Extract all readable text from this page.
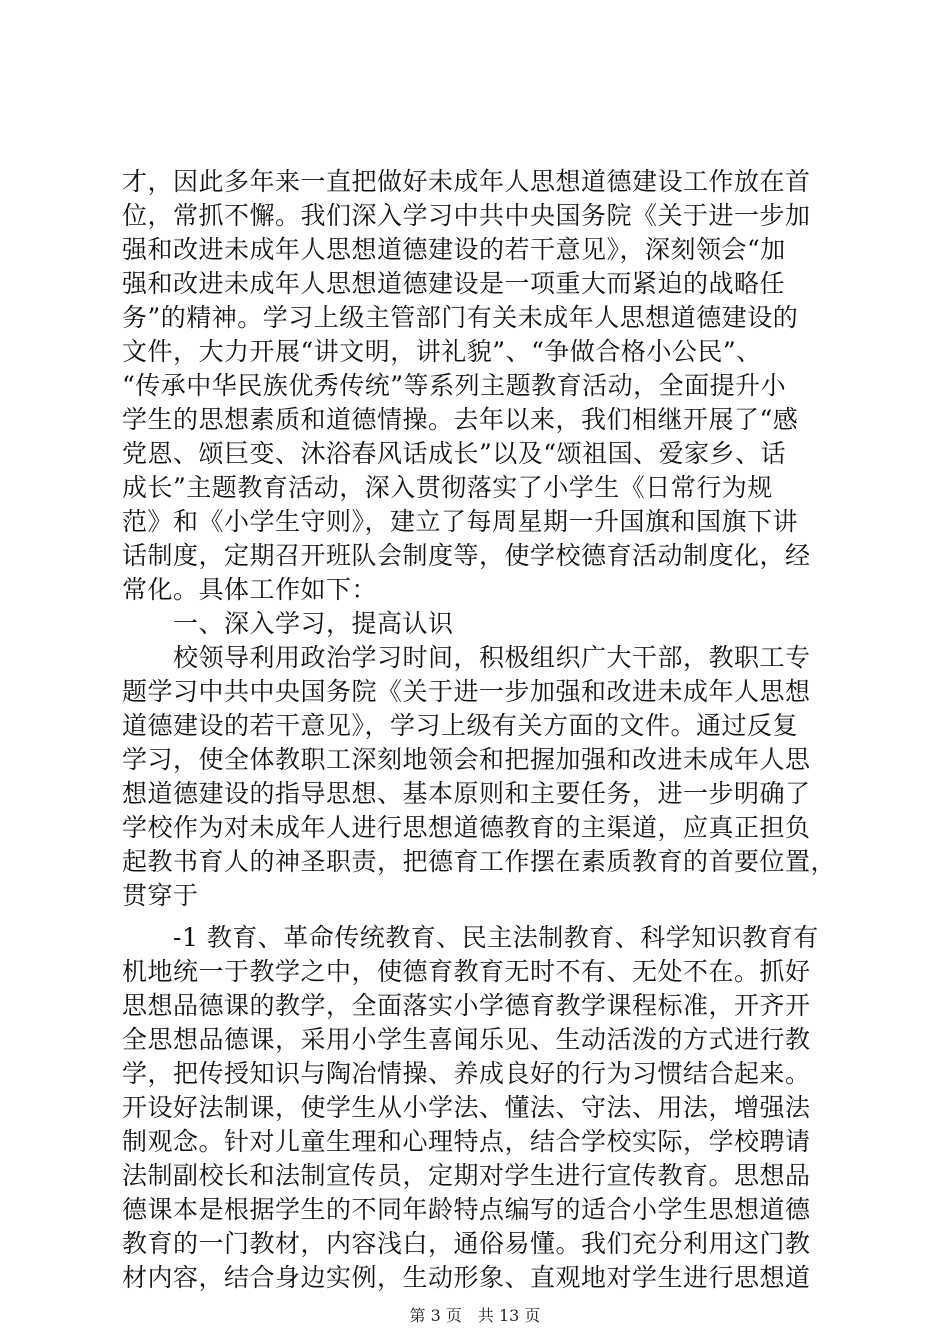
才，因此多年来一直把做好未成年人思想道德建设工作放在首
位，常抓不懈。我们深入学习中共中央国务院《关于进一步加
强和改进未成年人思想道德建设的若干意见》，深刻领会“加
强和改进未成年人思想道德建设是一项重大而紧迫的战略任
务”的精神。学习上级主管部门有关未成年人思想道德建设的
文件，大力开展“讲文明，讲礼貌”、“争做合格小公民”、
“传承中华民族优秀传统”等系列主题教育活动，全面提升小
学生的思想素质和道德情操。去年以来，我们相继开展了“感
党恩、颂巨变、沐浴春风话成长”以及“颂祖国、爱家乡、话
成长”主题教育活动，深入贯彻落实了小学生《日常行为规
范》和《小学生守则》，建立了每周星期一升国旗和国旗下讲
话制度，定期召开班队会制度等，使学校德育活动制度化，经
常化。具体工作如下：
　　一、深入学习，提高认识
　　校领导利用政治学习时间，积极组织广大干部，教职工专
题学习中共中央国务院《关于进一步加强和改进未成年人思想
道德建设的若干意见》，学习上级有关方面的文件。通过反复
学习，使全体教职工深刻地领会和把握加强和改进未成年人思
想道德建设的指导思想、基本原则和主要任务，进一步明确了
学校作为对未成年人进行思想道德教育的主渠道，应真正担负
起教书育人的神圣职责，把德育工作摆在素质教育的首要位置，
贯穿于
　　-1 教育、革命传统教育、民主法制教育、科学知识教育有
机地统一于教学之中，使德育教育无时不有、无处不在。抓好
思想品德课的教学，全面落实小学德育教学课程标准，开齐开
全思想品德课，采用小学生喜闻乐见、生动活泼的方式进行教
学，把传授知识与陶冶情操、养成良好的行为习惯结合起来。
开设好法制课，使学生从小学法、懂法、守法、用法，增强法
制观念。针对儿童生理和心理特点，结合学校实际，学校聘请
法制副校长和法制宣传员，定期对学生进行宣传教育。思想品
德课本是根据学生的不同年龄特点编写的适合小学生思想道德
教育的一门教材，内容浅白，通俗易懂。我们充分利用这门教
材内容，结合身边实例，生动形象、直观地对学生进行思想道
第 3 页　共 13 页
